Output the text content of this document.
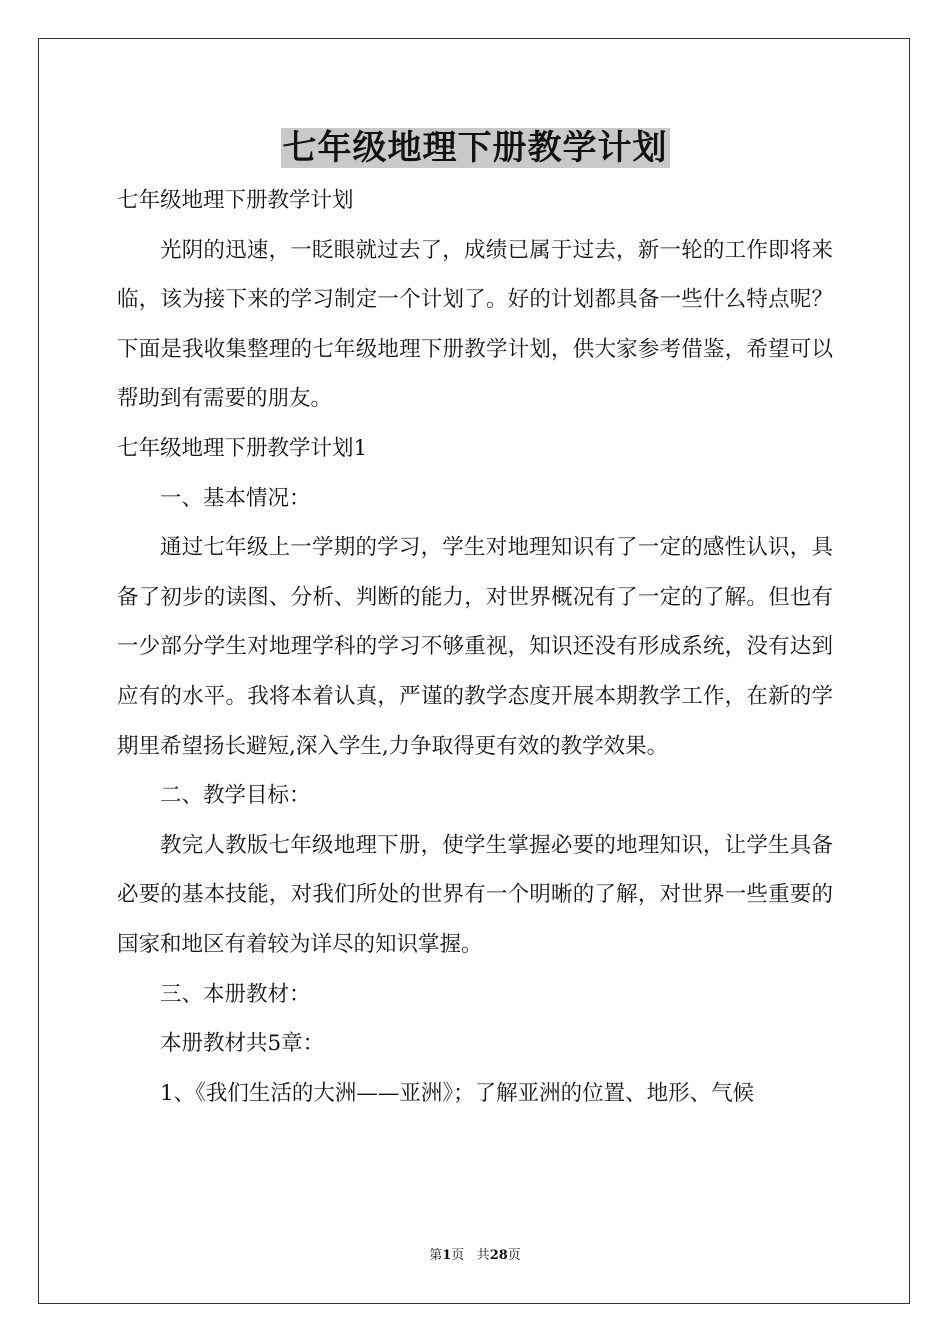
七年级地理下册教学计划

七年级地理下册教学计划

光阴的迅速，一眨眼就过去了，成绩已属于过去，新一轮的工作即将来临，该为接下来的学习制定一个计划了。好的计划都具备一些什么特点呢？下面是我收集整理的七年级地理下册教学计划，供大家参考借鉴，希望可以帮助到有需要的朋友。

七年级地理下册教学计划1

一、基本情况：

通过七年级上一学期的学习，学生对地理知识有了一定的感性认识，具备了初步的读图、分析、判断的能力，对世界概况有了一定的了解。但也有一少部分学生对地理学科的学习不够重视，知识还没有形成系统，没有达到应有的水平。我将本着认真，严谨的教学态度开展本期教学工作，在新的学期里希望扬长避短,深入学生,力争取得更有效的教学效果。

二、教学目标：

教完人教版七年级地理下册，使学生掌握必要的地理知识，让学生具备必要的基本技能，对我们所处的世界有一个明晰的了解，对世界一些重要的国家和地区有着较为详尽的知识掌握。

三、本册教材：

本册教材共5章：

1、《我们生活的大洲——亚洲》；了解亚洲的位置、地形、气候

第1页 共28页
